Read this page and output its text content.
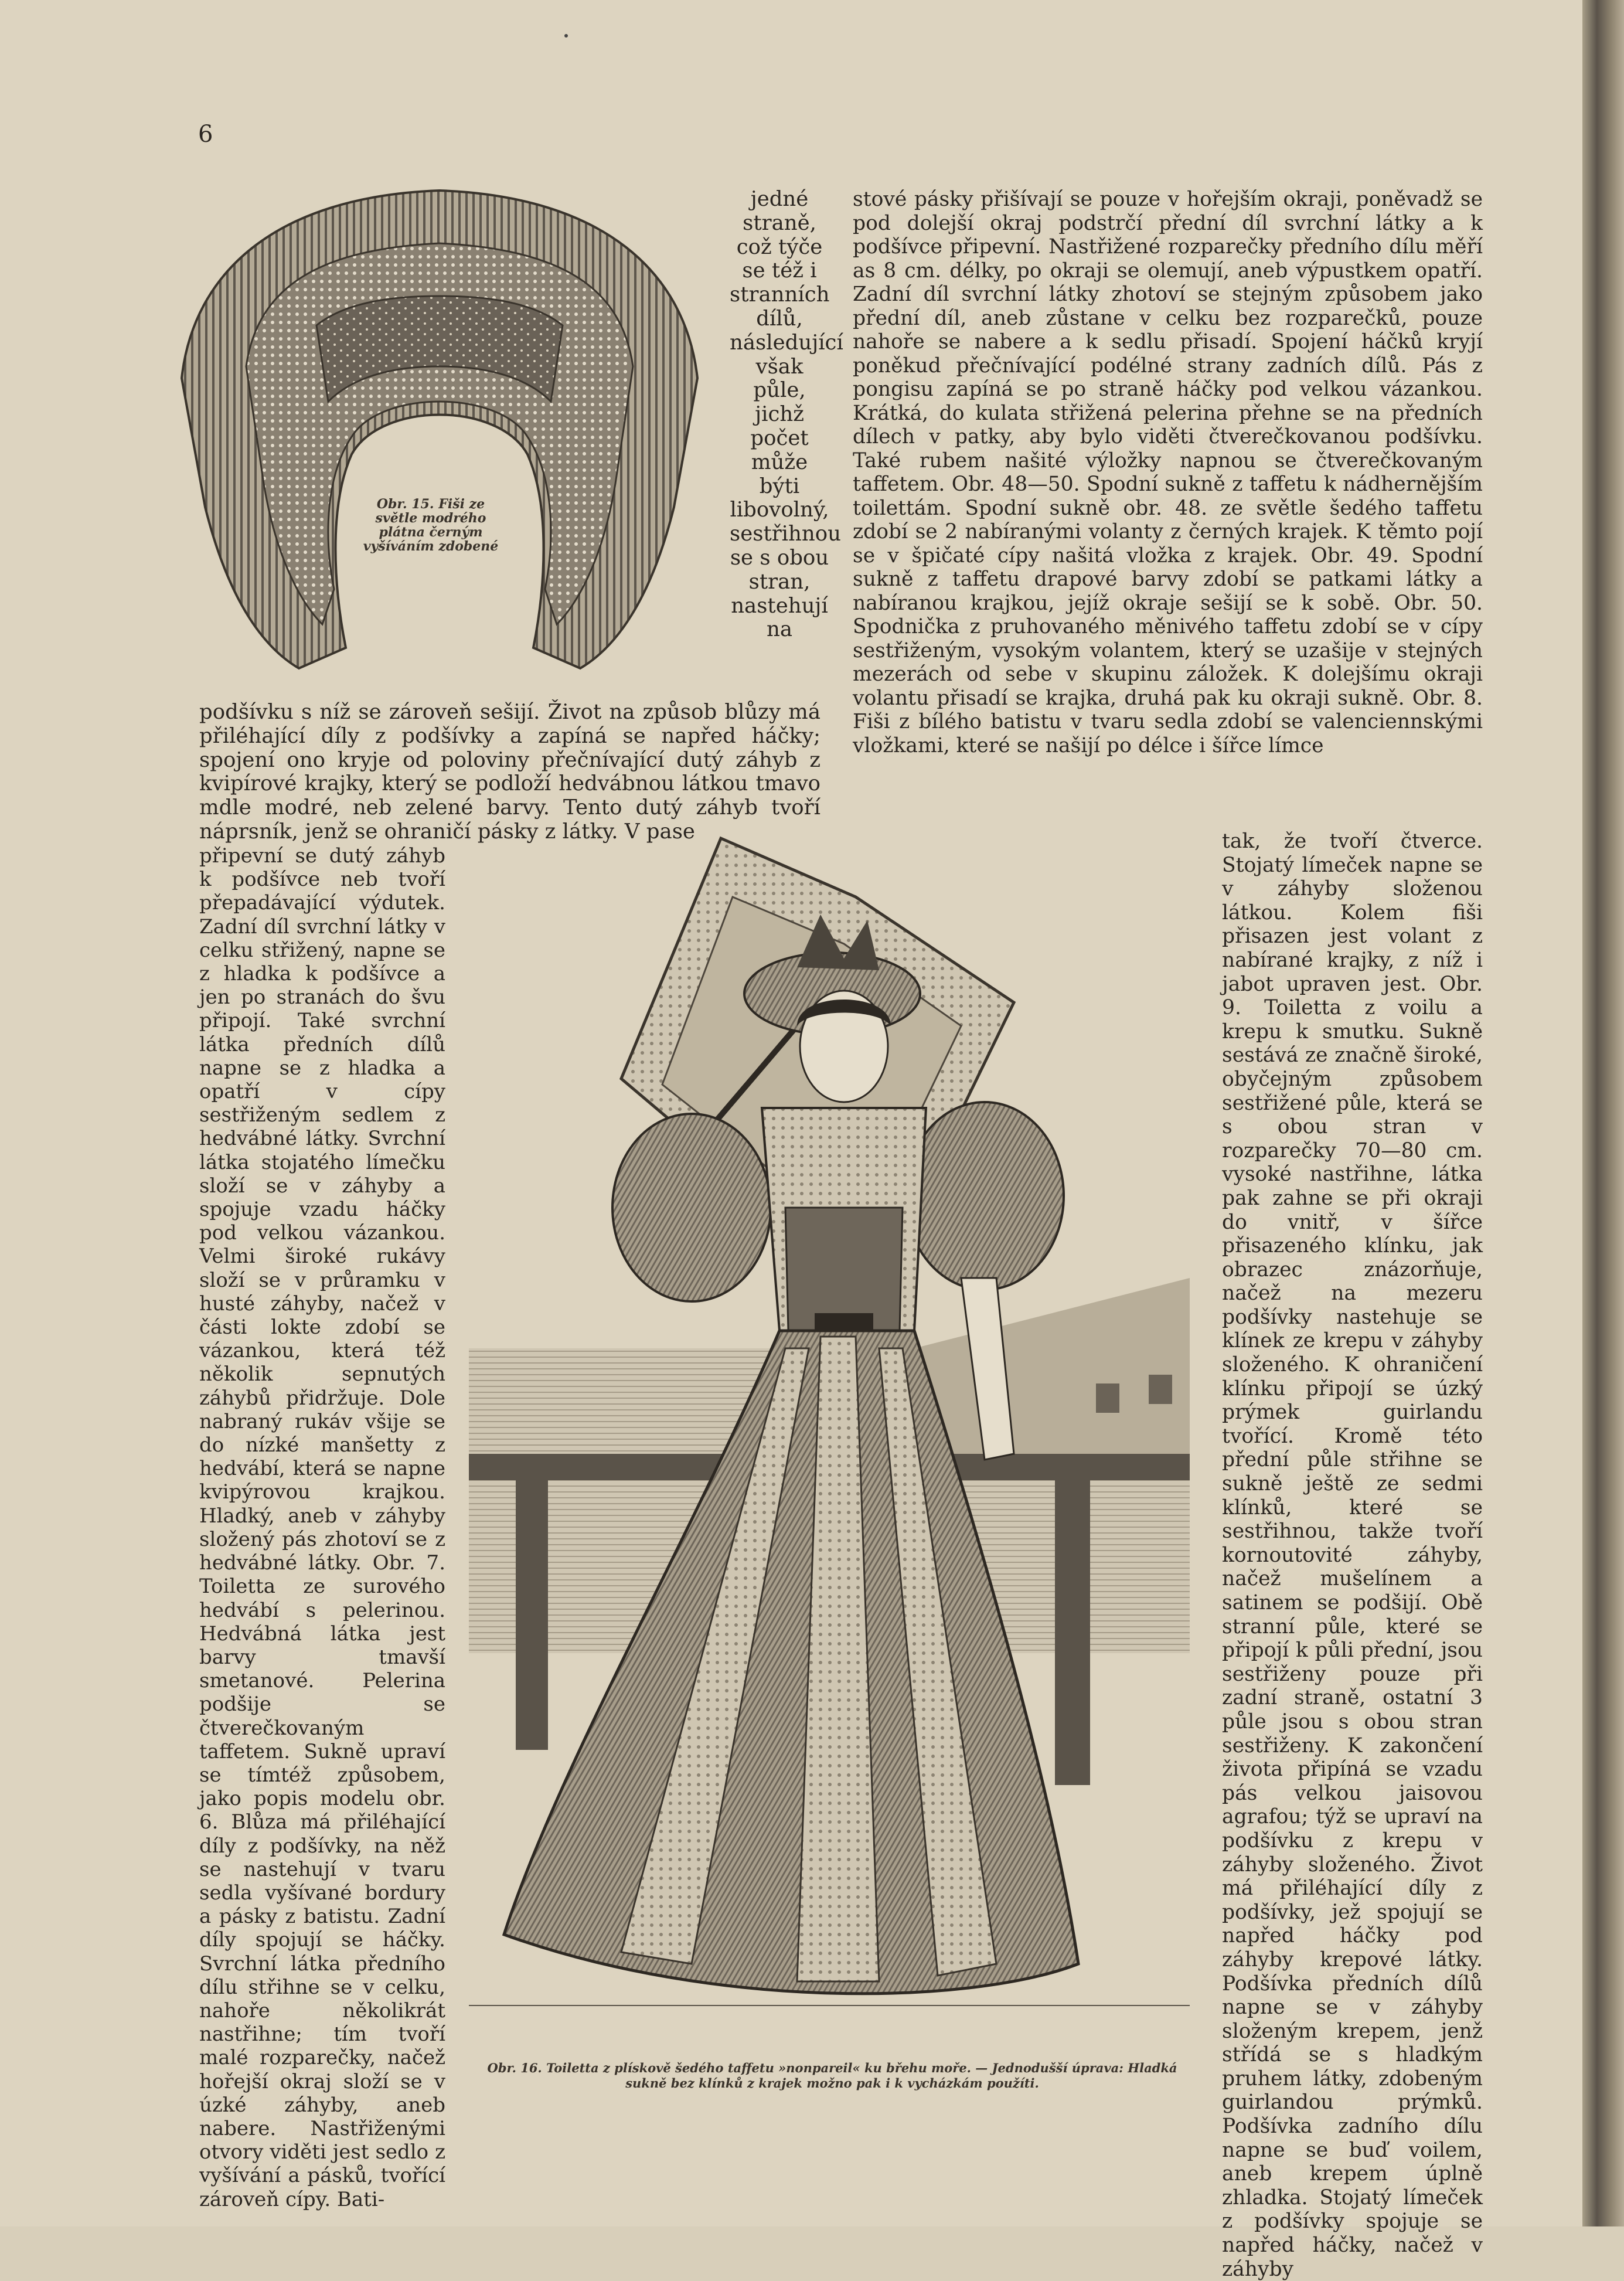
6
Obr. 15. Fiši ze
světle modrého
plátna černým
vyšíváním zdobené

jedné straně, což týče se též i stranních dílů, následující však půle, jichž počet může býti libovolný, sestřihnou se s obou stran, nastehují na

podšívku s níž se zároveň sešijí. Život na způsob blůzy má přiléhající díly z podšívky a zapíná se napřed háčky; spojení ono kryje od poloviny přečnívající dutý záhyb z kvipírové krajky, který se podloží hedvábnou látkou tmavo mdle modré, neb zelené barvy. Tento dutý záhyb tvoří náprsník, jenž se ohraničí pásky z látky. V pase

připevní se dutý záhyb k podšívce neb tvoří přepadávající výdutek. Zadní díl svrchní látky v celku střižený, napne se z hladka k podšívce a jen po stranách do švu připojí. Také svrchní látka předních dílů napne se z hladka a opatří v cípy sestřiženým sedlem z hedvábné látky. Svrchní látka stojatého límečku složí se v záhyby a spojuje vzadu háčky pod velkou vázankou. Velmi široké rukávy složí se v průramku v husté záhyby, načež v části lokte zdobí se vázankou, která též několik sepnutých záhybů přidržuje. Dole nabraný rukáv všije se do nízké manšetty z hedvábí, která se napne kvipýrovou krajkou. Hladký, aneb v záhyby složený pás zhotoví se z hedvábné látky. Obr. 7. Toiletta ze surového hedvábí s pelerinou. Hedvábná látka jest barvy tmavší smetanové. Pelerina podšije se čtverečkovaným taffetem. Sukně upraví se tímtéž způsobem, jako popis modelu obr. 6. Blůza má přiléhající díly z podšívky, na něž se nastehují v tvaru sedla vyšívané bordury a pásky z batistu. Zadní díly spojují se háčky. Svrchní látka předního dílu střihne se v celku, nahoře několikrát nastřihne; tím tvoří malé rozparečky, načež hořejší okraj složí se v úzké záhyby, aneb nabere. Nastřiženými otvory viděti jest sedlo z vyšívání a pásků, tvořící zároveň cípy. Bati-

stové pásky přišívají se pouze v hořejším okraji, poněvadž se pod dolejší okraj podstrčí přední díl svrchní látky a k podšívce připevní. Nastřižené rozparečky předního dílu měří as 8 cm. délky, po okraji se olemují, aneb výpustkem opatří. Zadní díl svrchní látky zhotoví se stejným způsobem jako přední díl, aneb zůstane v celku bez rozparečků, pouze nahoře se nabere a k sedlu přisadí. Spojení háčků kryjí poněkud přečnívající podélné strany zadních dílů. Pás z pongisu zapíná se po straně háčky pod velkou vázankou. Krátká, do kulata střižená pelerina přehne se na předních dílech v patky, aby bylo viděti čtverečkovanou podšívku. Také rubem našité výložky napnou se čtverečkovaným taffetem. Obr. 48—50. Spodní sukně z taffetu k nádhernějším toilettám. Spodní sukně obr. 48. ze světle šedého taffetu zdobí se 2 nabíranými volanty z černých krajek. K těmto pojí se v špičaté cípy našitá vložka z krajek. Obr. 49. Spodní sukně z taffetu drapové barvy zdobí se patkami látky a nabíranou krajkou, jejíž okraje sešijí se k sobě. Obr. 50. Spodnička z pruhovaného měnivého taffetu zdobí se v cípy sestřiženým, vysokým volantem, který se uzašije v stejných mezerách od sebe v skupinu záložek. K dolejšímu okraji volantu přisadí se krajka, druhá pak ku okraji sukně. Obr. 8. Fiši z bílého batistu v tvaru sedla zdobí se valenciennskými vložkami, které se našijí po délce i šířce límce

tak, že tvoří čtverce. Stojatý límeček napne se v záhyby složenou látkou. Kolem fiši přisazen jest volant z nabírané krajky, z níž i jabot upraven jest. Obr. 9. Toiletta z voilu a krepu k smutku. Sukně sestává ze značně široké, obyčejným způsobem sestřižené půle, která se s obou stran v rozparečky 70—80 cm. vysoké nastřihne, látka pak zahne se při okraji do vnitř, v šířce přisazeného klínku, jak obrazec znázorňuje, načež na mezeru podšívky nastehuje se klínek ze krepu v záhyby složeného. K ohraničení klínku připojí se úzký prýmek guirlandu tvořící. Kromě této přední půle střihne se sukně ještě ze sedmi klínků, které se sestřihnou, takže tvoří kornoutovité záhyby, načež mušelínem a satinem se podšijí. Obě stranní půle, které se připojí k půli přední, jsou sestřiženy pouze při zadní straně, ostatní 3 půle jsou s obou stran sestřiženy. K zakončení života připíná se vzadu pás velkou jaisovou agrafou; týž se upraví na podšívku z krepu v záhyby složeného. Život má přiléhající díly z podšívky, jež spojují se napřed háčky pod záhyby krepové látky. Podšívka předních dílů napne se v záhyby složeným krepem, jenž střídá se s hladkým pruhem látky, zdobeným guirlandou prýmků. Podšívka zadního dílu napne se buď voilem, aneb krepem úplně zhladka. Stojatý límeček z podšívky spojuje se napřed háčky, načež v záhyby

Obr. 16. Toiletta z plískově šedého taffetu »nonpareil« ku břehu moře. — Jednodušší úprava: Hladká sukně bez klínků z krajek možno pak i k vycházkám použíti.
